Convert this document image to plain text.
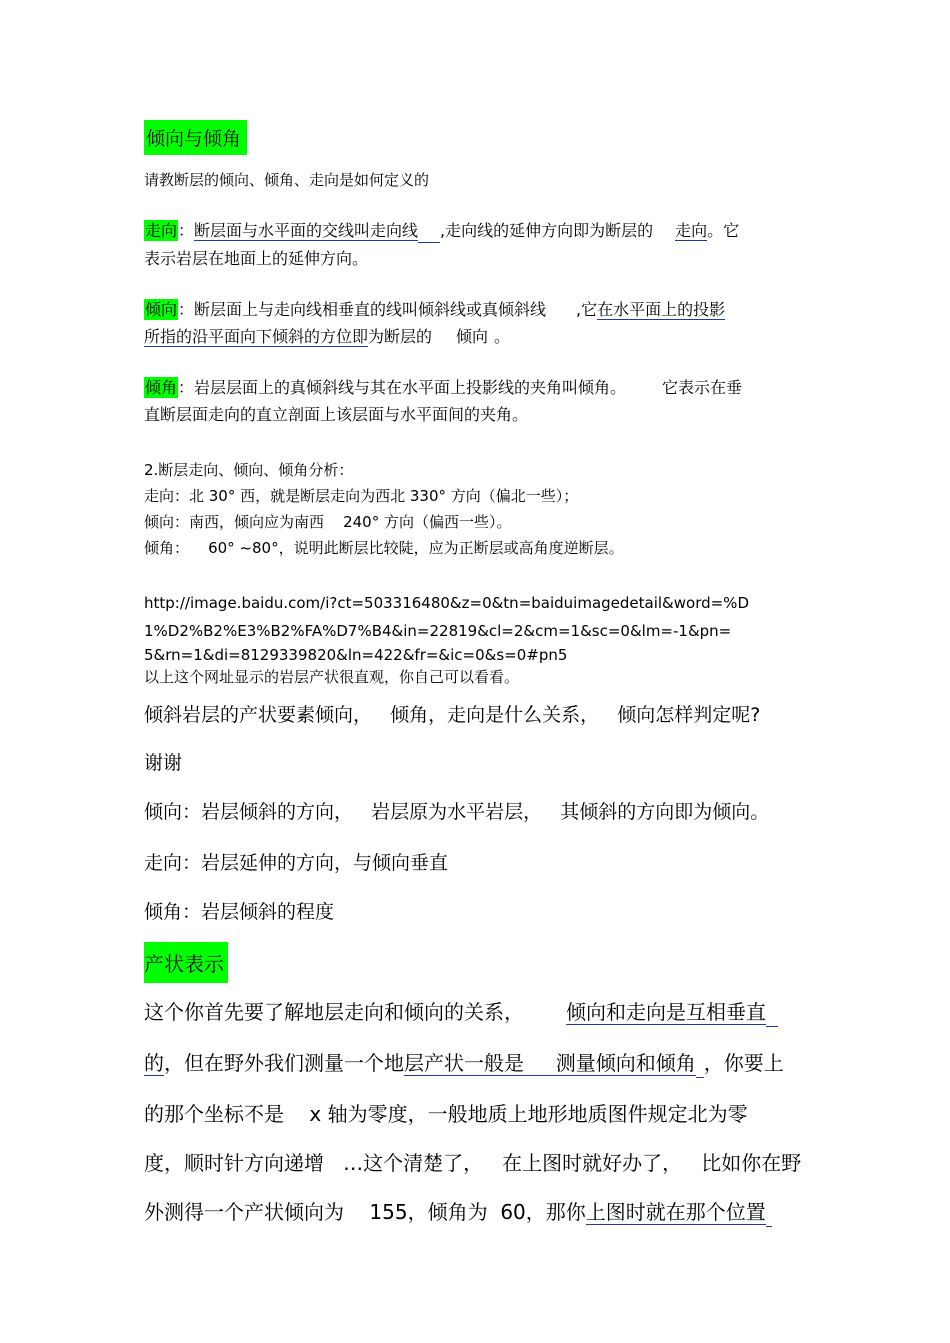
倾向与倾角
请教断层的倾向、倾角、走向是如何定义的
走向：断层面与水平面的交线叫走向线 ,走向线的延伸方向即为断层的 走向。它
表示岩层在地面上的延伸方向。
倾向：断层面上与走向线相垂直的线叫倾斜线或真倾斜线 ,它在水平面上的投影
所指的沿平面向下倾斜的方位即为断层的 倾向 。
倾角：岩层层面上的真倾斜线与其在水平面上投影线的夹角叫倾角。 它表示在垂
直断层面走向的直立剖面上该层面与水平面间的夹角。
2.断层走向、倾向、倾角分析：
走向：北 30° 西，就是断层走向为西北 330° 方向（偏北一些）；
倾向：南西，倾向应为南西    240° 方向（偏西一些）。
倾角：    60° ~80°，说明此断层比较陡，应为正断层或高角度逆断层。
http://image.baidu.com/i?ct=503316480&z=0&tn=baiduimagedetail&word=%D
1%D2%B2%E3%B2%FA%D7%B4&in=22819&cl=2&cm=1&sc=0&lm=-1&pn=
5&rn=1&di=8129339820&ln=422&fr=&ic=0&s=0#pn5
以上这个网址显示的岩层产状很直观，你自己可以看看。
倾斜岩层的产状要素倾向，   倾角，走向是什么关系，   倾向怎样判定呢?
谢谢
倾向：岩层倾斜的方向，   岩层原为水平岩层，   其倾斜的方向即为倾向。
走向：岩层延伸的方向，与倾向垂直
倾角：岩层倾斜的程度
产状表示
这个你首先要了解地层走向和倾向的关系， 倾向和走向是互相垂直
的，但在野外我们测量一个地层产状一般是     测量倾向和倾角 ，你要上
的那个坐标不是    x 轴为零度，一般地质上地形地质图件规定北为零
度，顺时针方向递增   …这个清楚了，   在上图时就好办了，   比如你在野
外测得一个产状倾向为    155，倾角为  60，那你上图时就在那个位置
